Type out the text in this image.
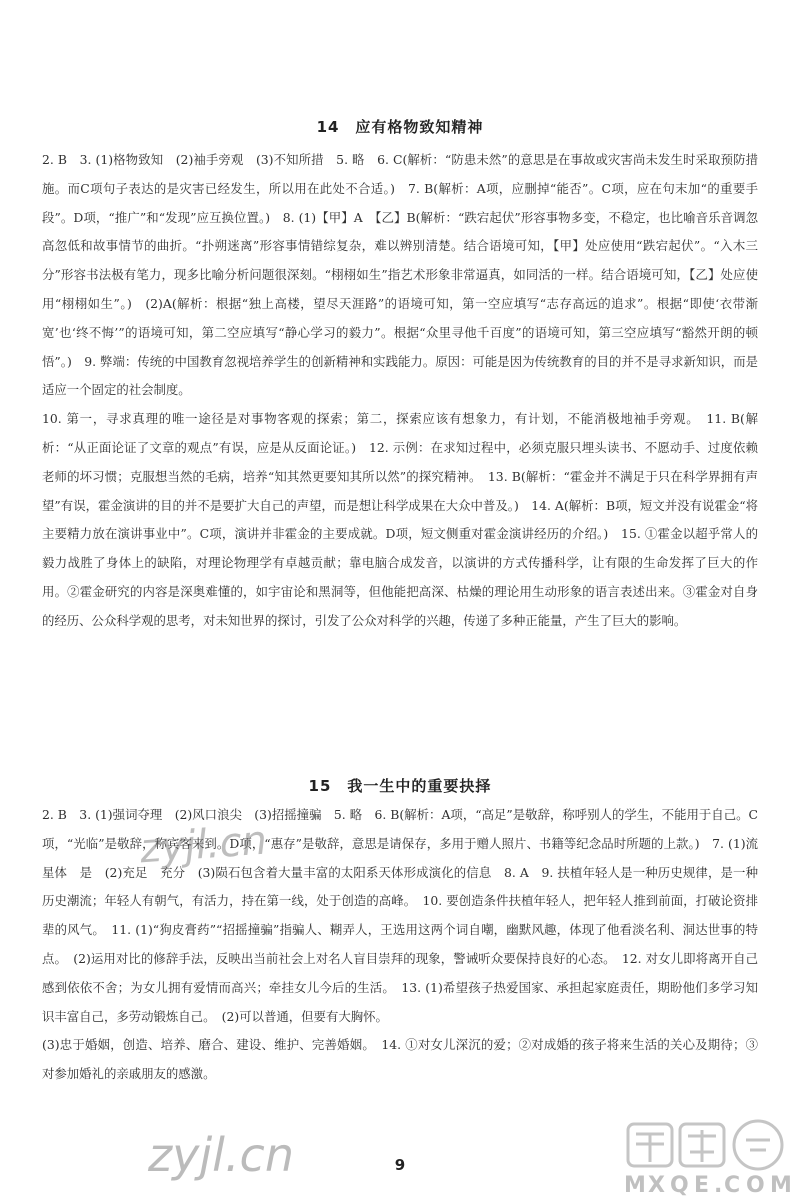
14　应有格物致知精神

2. B　3. (1)格物致知　(2)袖手旁观　(3)不知所措　5. 略　6. C(解析：“防患未然”的意思是在事故或灾害尚未发生时采取预防措施。而C项句子表达的是灾害已经发生，所以用在此处不合适。)　7. B(解析：A项，应删掉“能否”。C项，应在句末加“的重要手段”。D项，“推广”和“发现”应互换位置。)　8. (1)【甲】A　【乙】B(解析：“跌宕起伏”形容事物多变，不稳定，也比喻音乐音调忽高忽低和故事情节的曲折。“扑朔迷离”形容事情错综复杂，难以辨别清楚。结合语境可知，【甲】处应使用“跌宕起伏”。“入木三分”形容书法极有笔力，现多比喻分析问题很深刻。“栩栩如生”指艺术形象非常逼真，如同活的一样。结合语境可知，【乙】处应使用“栩栩如生”。)　(2)A(解析：根据“独上高楼，望尽天涯路”的语境可知，第一空应填写“志存高远的追求”。根据“即使‘衣带渐宽’也‘终不悔’”的语境可知，第二空应填写“静心学习的毅力”。根据“众里寻他千百度”的语境可知，第三空应填写“豁然开朗的顿悟”。)　9. 弊端：传统的中国教育忽视培养学生的创新精神和实践能力。原因：可能是因为传统教育的目的并不是寻求新知识，而是适应一个固定的社会制度。
10. 第一，寻求真理的唯一途径是对事物客观的探索；第二，探索应该有想象力，有计划，不能消极地袖手旁观。　11. B(解析：“从正面论证了文章的观点”有误，应是从反面论证。)　12. 示例：在求知过程中，必须克服只埋头读书、不愿动手、过度依赖老师的坏习惯；克服想当然的毛病，培养“知其然更要知其所以然”的探究精神。　13. B(解析：“霍金并不满足于只在科学界拥有声望”有误，霍金演讲的目的并不是要扩大自己的声望，而是想让科学成果在大众中普及。)　14. A(解析：B项，短文并没有说霍金“将主要精力放在演讲事业中”。C项，演讲并非霍金的主要成就。D项，短文侧重对霍金演讲经历的介绍。)　15. ①霍金以超乎常人的毅力战胜了身体上的缺陷，对理论物理学有卓越贡献；靠电脑合成发音，以演讲的方式传播科学，让有限的生命发挥了巨大的作用。②霍金研究的内容是深奥难懂的，如宇宙论和黑洞等，但他能把高深、枯燥的理论用生动形象的语言表述出来。③霍金对自身的经历、公众科学观的思考，对未知世界的探讨，引发了公众对科学的兴趣，传递了多种正能量，产生了巨大的影响。

15　我一生中的重要抉择

2. B　3. (1)强词夺理　(2)风口浪尖　(3)招摇撞骗　5. 略　6. B(解析：A项，“高足”是敬辞，称呼别人的学生，不能用于自己。C项，“光临”是敬辞，称宾客来到。D项，“惠存”是敬辞，意思是请保存，多用于赠人照片、书籍等纪念品时所题的上款。)　7. (1)流星体　是　(2)充足　充分　(3)陨石包含着大量丰富的太阳系天体形成演化的信息　8. A　9. 扶植年轻人是一种历史规律，是一种历史潮流；年轻人有朝气，有活力，持在第一线，处于创造的高峰。　10. 要创造条件扶植年轻人，把年轻人推到前面，打破论资排辈的风气。　11. (1)“狗皮膏药”“招摇撞骗”指骗人、糊弄人，王选用这两个词自嘲，幽默风趣，体现了他看淡名利、洞达世事的特点。　(2)运用对比的修辞手法，反映出当前社会上对名人盲目崇拜的现象，警诫听众要保持良好的心态。　12. 对女儿即将离开自己感到依依不舍；为女儿拥有爱情而高兴；牵挂女儿今后的生活。　13. (1)希望孩子热爱国家、承担起家庭责任，期盼他们多学习知识丰富自己，多劳动锻炼自己。　(2)可以普通，但要有大胸怀。
(3)忠于婚姻，创造、培养、磨合、建设、维护、完善婚姻。　14. ①对女儿深沉的爱；②对成婚的孩子将来生活的关心及期待；③对参加婚礼的亲戚朋友的感激。

zyjl.cn
zyjl.cn	9
M X Q E .
C O M
